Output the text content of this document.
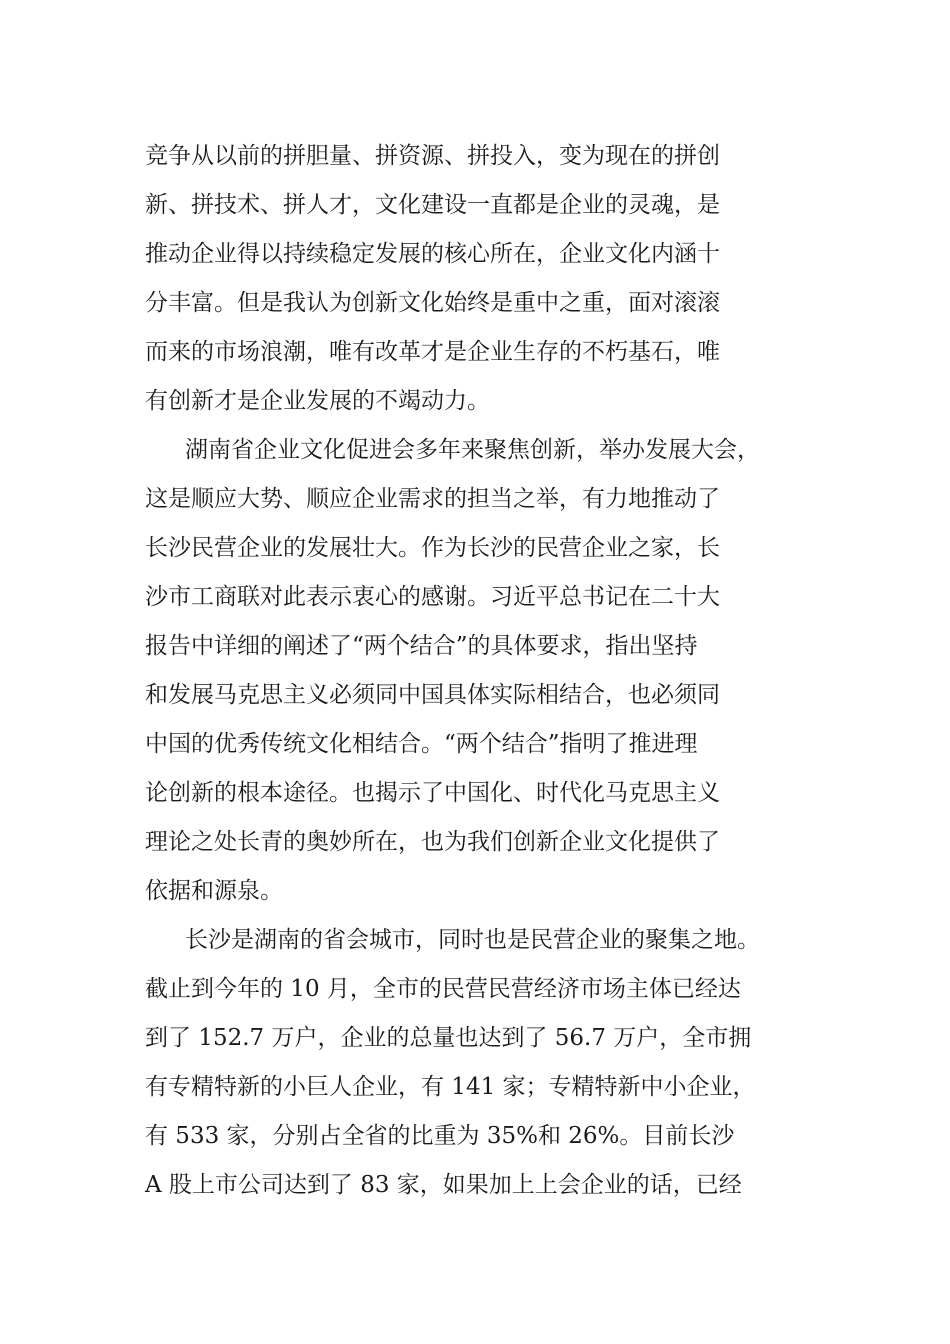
竞争从以前的拼胆量、拼资源、拼投入，变为现在的拼创
新、拼技术、拼人才，文化建设一直都是企业的灵魂，是
推动企业得以持续稳定发展的核心所在，企业文化内涵十
分丰富。但是我认为创新文化始终是重中之重，面对滚滚
而来的市场浪潮，唯有改革才是企业生存的不朽基石，唯
有创新才是企业发展的不竭动力。
湖南省企业文化促进会多年来聚焦创新，举办发展大会，
这是顺应大势、顺应企业需求的担当之举，有力地推动了
长沙民营企业的发展壮大。作为长沙的民营企业之家，长
沙市工商联对此表示衷心的感谢。习近平总书记在二十大
报告中详细的阐述了“两个结合”的具体要求，指出坚持
和发展马克思主义必须同中国具体实际相结合，也必须同
中国的优秀传统文化相结合。“两个结合”指明了推进理
论创新的根本途径。也揭示了中国化、时代化马克思主义
理论之处长青的奥妙所在，也为我们创新企业文化提供了
依据和源泉。
长沙是湖南的省会城市，同时也是民营企业的聚集之地。
截止到今年的 10 月，全市的民营民营经济市场主体已经达
到了 152.7 万户，企业的总量也达到了 56.7 万户，全市拥
有专精特新的小巨人企业，有 141 家；专精特新中小企业，
有 533 家，分别占全省的比重为 35%和 26%。目前长沙
A 股上市公司达到了 83 家，如果加上上会企业的话，已经
